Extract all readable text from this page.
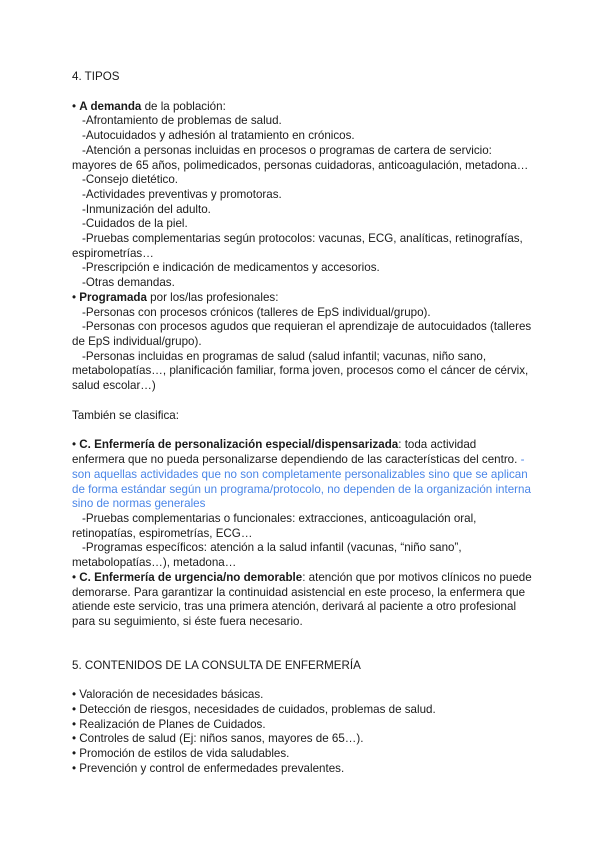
4. TIPOS

• A demanda de la población:

-Afrontamiento de problemas de salud.

-Autocuidados y adhesión al tratamiento en crónicos.

-Atención a personas incluidas en procesos o programas de cartera de servicio: mayores de 65 años, polimedicados, personas cuidadoras, anticoagulación, metadona…

-Consejo dietético.

-Actividades preventivas y promotoras.

-Inmunización del adulto.

-Cuidados de la piel.

-Pruebas complementarias según protocolos: vacunas, ECG, analíticas, retinografías, espirometrías…

-Prescripción e indicación de medicamentos y accesorios.

-Otras demandas.

• Programada por los/las profesionales:

-Personas con procesos crónicos (talleres de EpS individual/grupo).

-Personas con procesos agudos que requieran el aprendizaje de autocuidados (talleres de EpS individual/grupo).

-Personas incluidas en programas de salud (salud infantil; vacunas, niño sano, metabolopatías…, planificación familiar, forma joven, procesos como el cáncer de cérvix, salud escolar…)

También se clasifica:

• C. Enfermería de personalización especial/dispensarizada: toda actividad enfermera que no pueda personalizarse dependiendo de las características del centro. -son aquellas actividades que no son completamente personalizables sino que se aplican de forma estándar según un programa/protocolo, no dependen de la organización interna sino de normas generales

-Pruebas complementarias o funcionales: extracciones, anticoagulación oral, retinopatías, espirometrías, ECG…

-Programas específicos: atención a la salud infantil (vacunas, “niño sano”, metabolopatías…), metadona…

• C. Enfermería de urgencia/no demorable: atención que por motivos clínicos no puede demorarse. Para garantizar la continuidad asistencial en este proceso, la enfermera que atiende este servicio, tras una primera atención, derivará al paciente a otro profesional para su seguimiento, si éste fuera necesario.

5. CONTENIDOS DE LA CONSULTA DE ENFERMERÍA

• Valoración de necesidades básicas.

• Detección de riesgos, necesidades de cuidados, problemas de salud.

• Realización de Planes de Cuidados.

• Controles de salud (Ej: niños sanos, mayores de 65…).

• Promoción de estilos de vida saludables.

• Prevención y control de enfermedades prevalentes.
